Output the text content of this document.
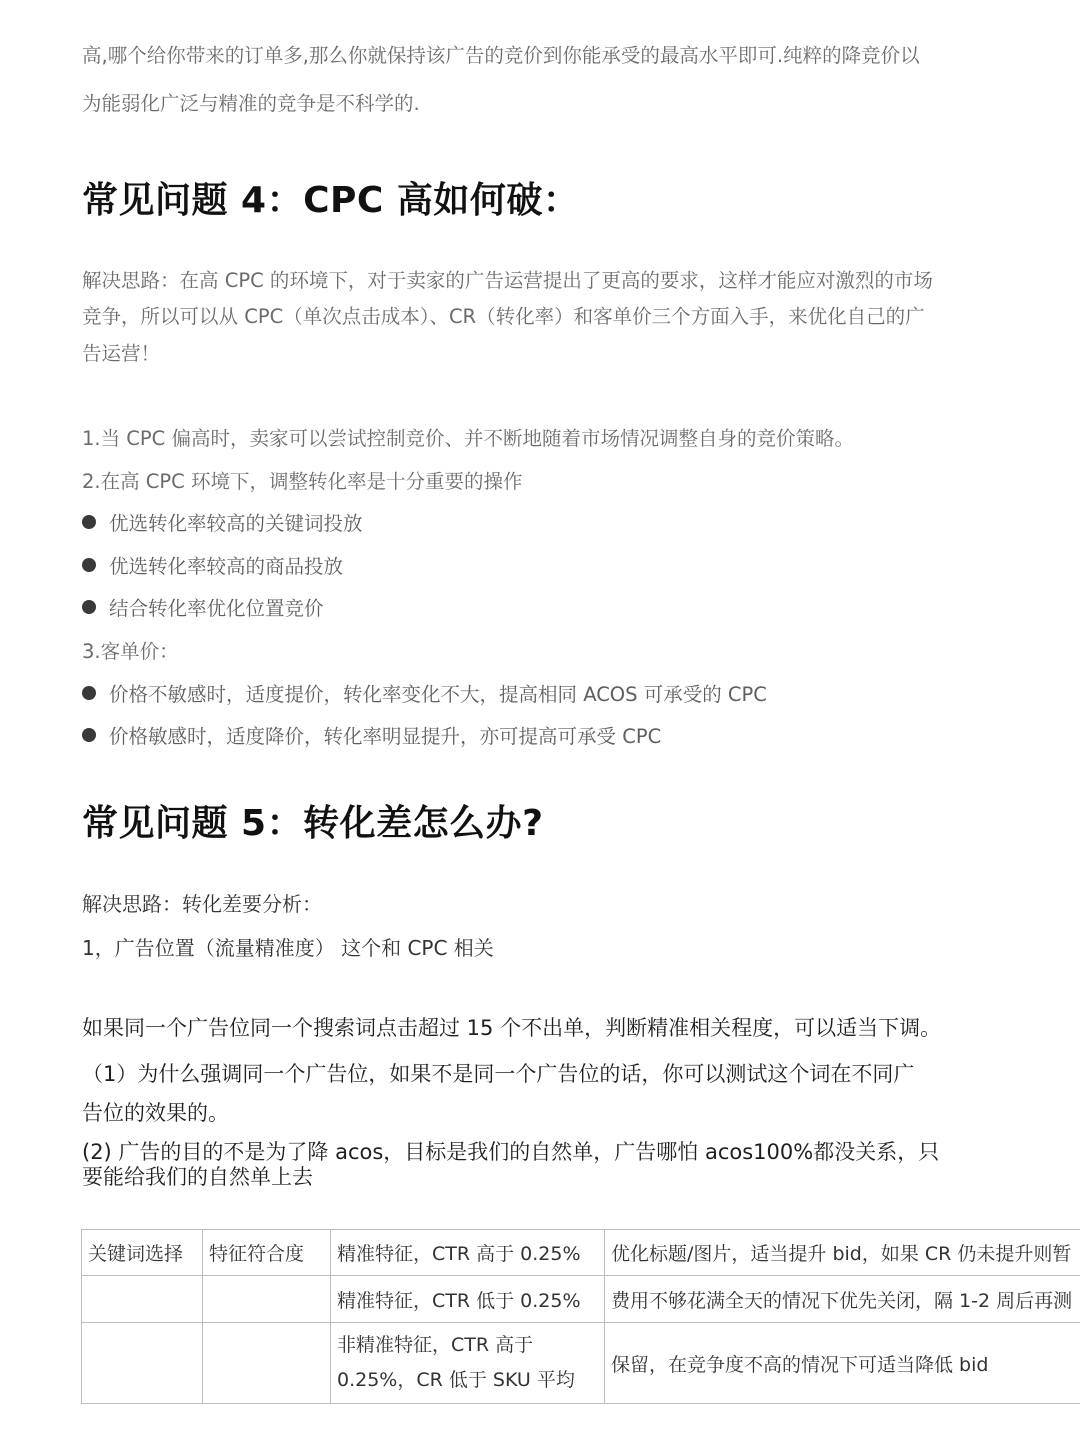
高,哪个给你带来的订单多,那么你就保持该广告的竞价到你能承受的最高水平即可.纯粹的降竞价以

为能弱化广泛与精准的竞争是不科学的.

常见问题 4：CPC 高如何破：

解决思路：在高 CPC 的环境下，对于卖家的广告运营提出了更高的要求，这样才能应对激烈的市场

竞争，所以可以从 CPC（单次点击成本）、CR（转化率）和客单价三个方面入手，来优化自己的广

告运营！

1.当 CPC 偏高时，卖家可以尝试控制竞价、并不断地随着市场情况调整自身的竞价策略。

2.在高 CPC 环境下，调整转化率是十分重要的操作

优选转化率较高的关键词投放
优选转化率较高的商品投放
结合转化率优化位置竞价

3.客单价：

价格不敏感时，适度提价，转化率变化不大，提高相同 ACOS 可承受的 CPC
价格敏感时，适度降价，转化率明显提升，亦可提高可承受 CPC
常见问题 5：转化差怎么办?

解决思路：转化差要分析：

1，广告位置（流量精准度） 这个和 CPC 相关

如果同一个广告位同一个搜索词点击超过 15 个不出单，判断精准相关程度，可以适当下调。

（1）为什么强调同一个广告位，如果不是同一个广告位的话，你可以测试这个词在不同广

告位的效果的。

(2) 广告的目的不是为了降 acos，目标是我们的自然单，广告哪怕 acos100%都没关系，只

要能给我们的自然单上去

关键词选择	特征符合度	精准特征，CTR 高于 0.25%	优化标题/图片，适当提升 bid，如果 CR 仍未提升则暂
		精准特征，CTR 低于 0.25%	费用不够花满全天的情况下优先关闭，隔 1-2 周后再测
		非精准特征，CTR 高于 0.25%，CR 低于 SKU 平均	保留，在竞争度不高的情况下可适当降低 bid
